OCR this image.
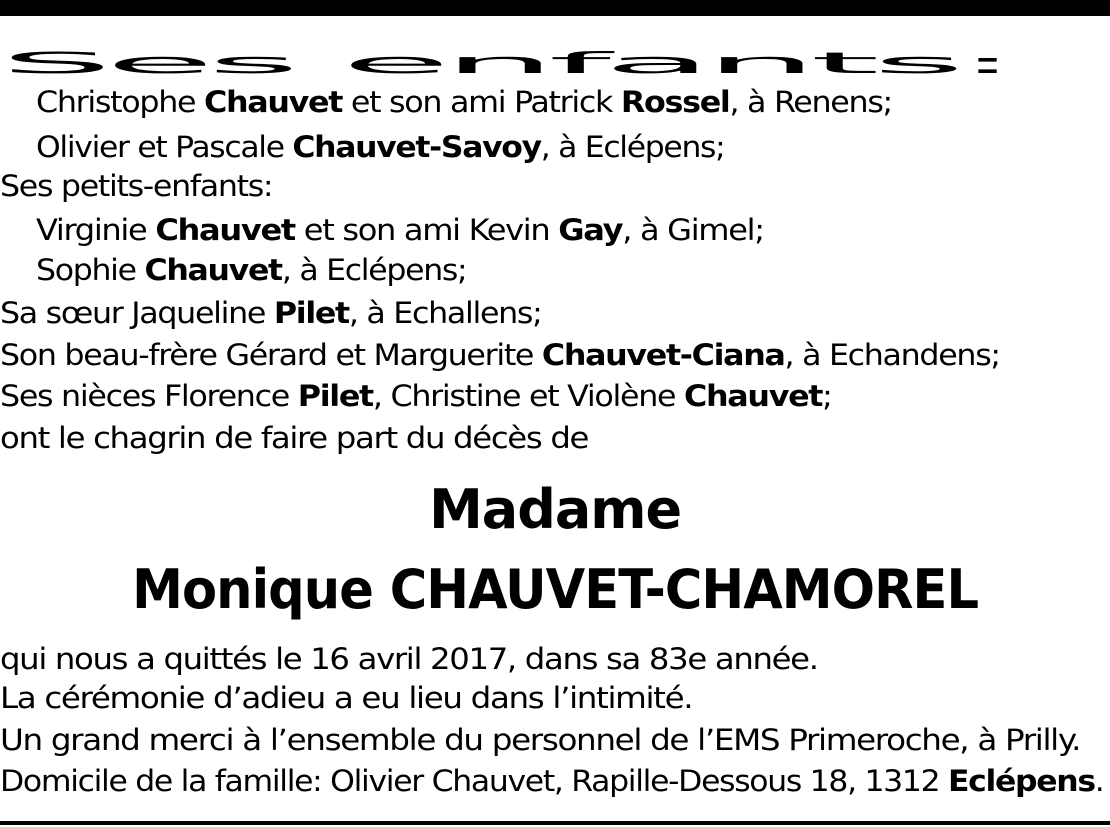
Ses enfants:
Christophe Chauvet et son ami Patrick Rossel, à Renens;
Olivier et Pascale Chauvet-Savoy, à Eclépens;
Ses petits-enfants:
Virginie Chauvet et son ami Kevin Gay, à Gimel;
Sophie Chauvet, à Eclépens;
Sa sœur Jaqueline Pilet, à Echallens;
Son beau-frère Gérard et Marguerite Chauvet-Ciana, à Echandens;
Ses nièces Florence Pilet, Christine et Violène Chauvet;
ont le chagrin de faire part du décès de
Madame
Monique CHAUVET-CHAMOREL
qui nous a quittés le 16 avril 2017, dans sa 83e année.
La cérémonie d’adieu a eu lieu dans l’intimité.
Un grand merci à l’ensemble du personnel de l’EMS Primeroche, à Prilly.
Domicile de la famille: Olivier Chauvet, Rapille-Dessous 18, 1312 Eclépens.
